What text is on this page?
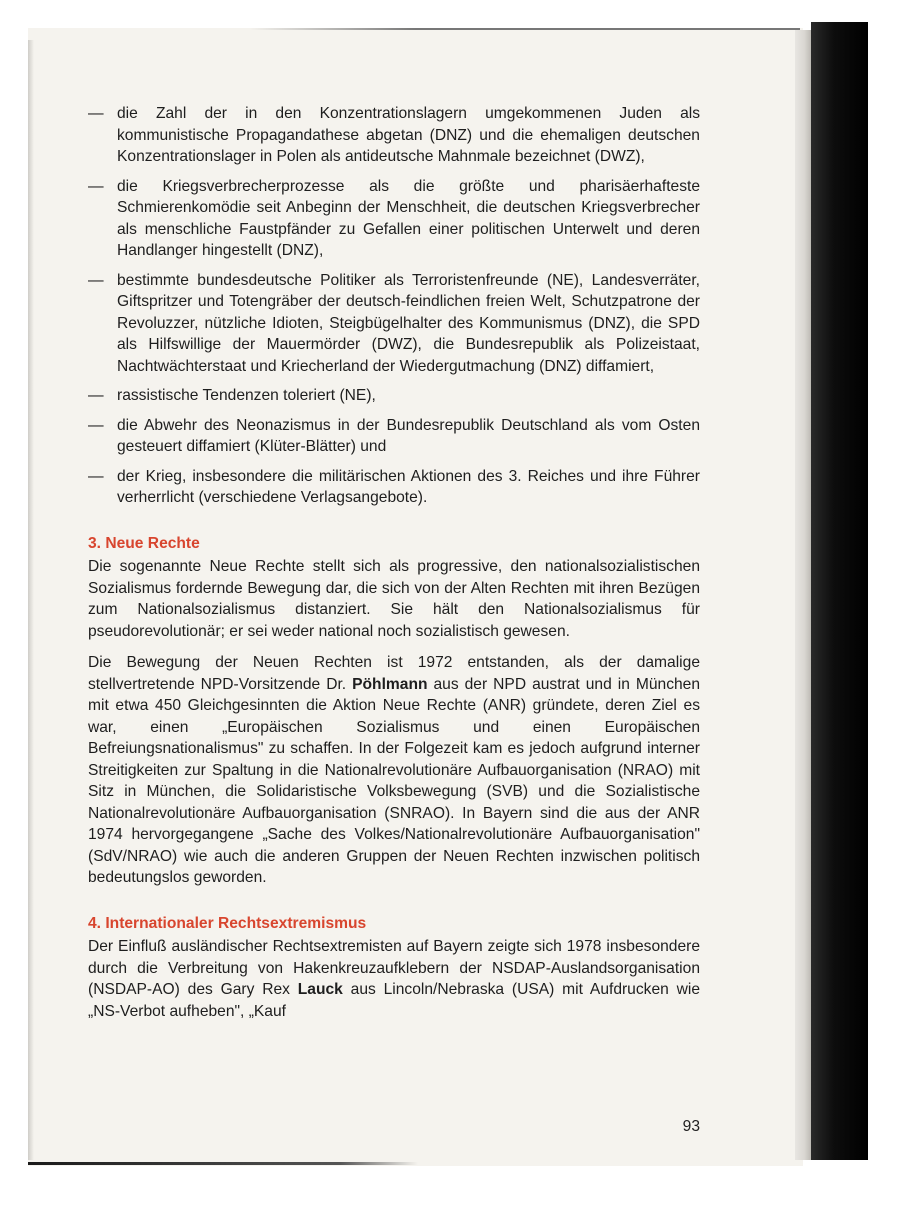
— die Zahl der in den Konzentrationslagern umgekommenen Juden als kommunistische Propagandathese abgetan (DNZ) und die ehemaligen deutschen Konzentrationslager in Polen als antideutsche Mahnmale bezeichnet (DWZ),
— die Kriegsverbrecherprozesse als die größte und pharisäerhafteste Schmierenkomödie seit Anbeginn der Menschheit, die deutschen Kriegsverbrecher als menschliche Faustpfänder zu Gefallen einer politischen Unterwelt und deren Handlanger hingestellt (DNZ),
— bestimmte bundesdeutsche Politiker als Terroristenfreunde (NE), Landesverräter, Giftspritzer und Totengräber der deutsch-feindlichen freien Welt, Schutzpatrone der Revoluzzer, nützliche Idioten, Steigbügelhalter des Kommunismus (DNZ), die SPD als Hilfswillige der Mauermörder (DWZ), die Bundesrepublik als Polizeistaat, Nachtwächterstaat und Kriecherland der Wiedergutmachung (DNZ) diffamiert,
— rassistische Tendenzen toleriert (NE),
— die Abwehr des Neonazismus in der Bundesrepublik Deutschland als vom Osten gesteuert diffamiert (Klüter-Blätter) und
— der Krieg, insbesondere die militärischen Aktionen des 3. Reiches und ihre Führer verherrlicht (verschiedene Verlagsangebote).
3. Neue Rechte

Die sogenannte Neue Rechte stellt sich als progressive, den nationalsozialistischen Sozialismus fordernde Bewegung dar, die sich von der Alten Rechten mit ihren Bezügen zum Nationalsozialismus distanziert. Sie hält den Nationalsozialismus für pseudorevolutionär; er sei weder national noch sozialistisch gewesen.

Die Bewegung der Neuen Rechten ist 1972 entstanden, als der damalige stellvertretende NPD-Vorsitzende Dr. Pöhlmann aus der NPD austrat und in München mit etwa 450 Gleichgesinnten die Aktion Neue Rechte (ANR) gründete, deren Ziel es war, einen „Europäischen Sozialismus und einen Europäischen Befreiungsnationalismus" zu schaffen. In der Folgezeit kam es jedoch aufgrund interner Streitigkeiten zur Spaltung in die Nationalrevolutionäre Aufbauorganisation (NRAO) mit Sitz in München, die Solidaristische Volksbewegung (SVB) und die Sozialistische Nationalrevolutionäre Aufbauorganisation (SNRAO). In Bayern sind die aus der ANR 1974 hervorgegangene „Sache des Volkes/Nationalrevolutionäre Aufbauorganisation" (SdV/NRAO) wie auch die anderen Gruppen der Neuen Rechten inzwischen politisch bedeutungslos geworden.

4. Internationaler Rechtsextremismus

Der Einfluß ausländischer Rechtsextremisten auf Bayern zeigte sich 1978 insbesondere durch die Verbreitung von Hakenkreuzaufklebern der NSDAP-Auslandsorganisation (NSDAP-AO) des Gary Rex Lauck aus Lincoln/Nebraska (USA) mit Aufdrucken wie „NS-Verbot aufheben", „Kauf

93
